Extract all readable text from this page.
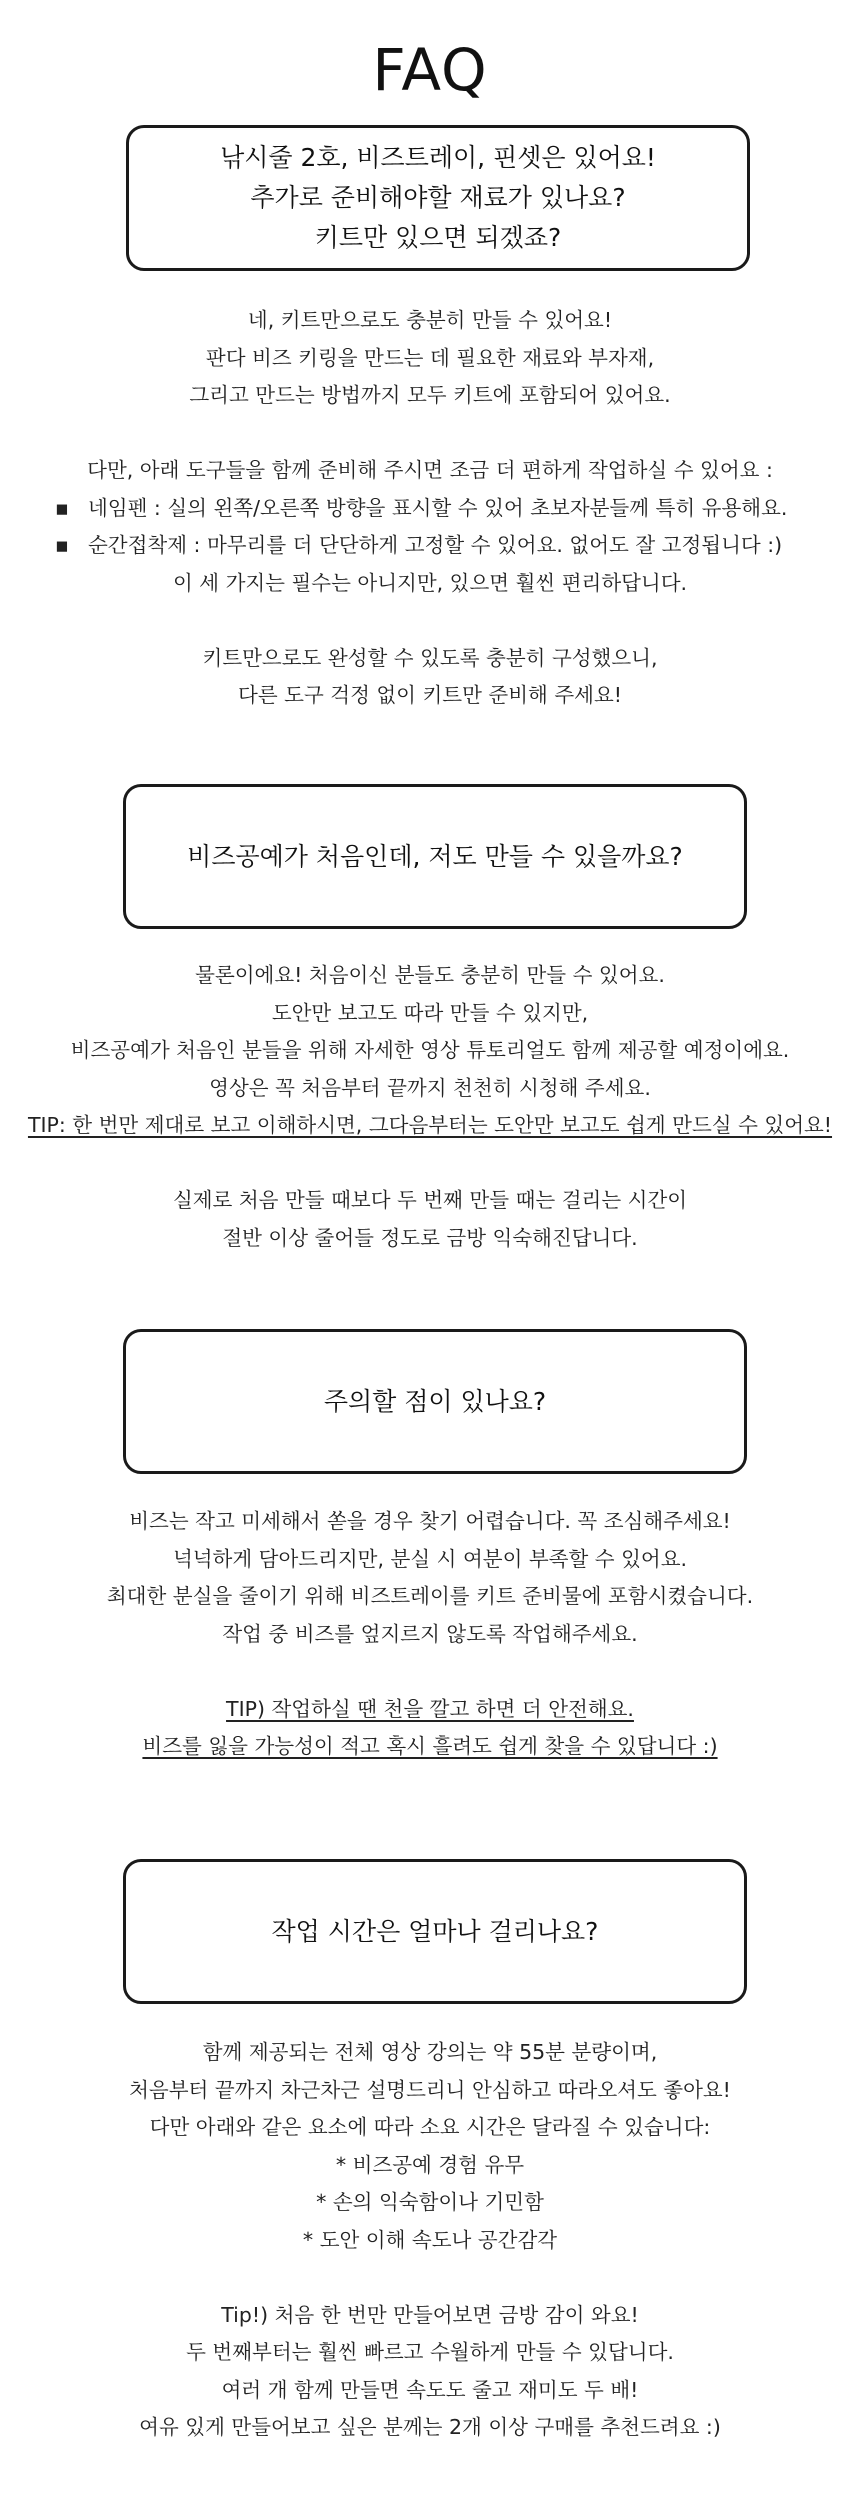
FAQ
낚시줄 2호, 비즈트레이, 핀셋은 있어요!
추가로 준비해야할 재료가 있나요?
키트만 있으면 되겠죠?
네, 키트만으로도 충분히 만들 수 있어요!
판다 비즈 키링을 만드는 데 필요한 재료와 부자재,
그리고 만드는 방법까지 모두 키트에 포함되어 있어요.
다만, 아래 도구들을 함께 준비해 주시면 조금 더 편하게 작업하실 수 있어요 :
▪ 네임펜 : 실의 왼쪽/오른쪽 방향을 표시할 수 있어 초보자분들께 특히 유용해요.
▪ 순간접착제 : 마무리를 더 단단하게 고정할 수 있어요. 없어도 잘 고정됩니다 :)
이 세 가지는 필수는 아니지만, 있으면 훨씬 편리하답니다.
키트만으로도 완성할 수 있도록 충분히 구성했으니,
다른 도구 걱정 없이 키트만 준비해 주세요!
비즈공예가 처음인데, 저도 만들 수 있을까요?
물론이에요! 처음이신 분들도 충분히 만들 수 있어요.
도안만 보고도 따라 만들 수 있지만,
비즈공예가 처음인 분들을 위해 자세한 영상 튜토리얼도 함께 제공할 예정이에요.
영상은 꼭 처음부터 끝까지 천천히 시청해 주세요.
TIP: 한 번만 제대로 보고 이해하시면, 그다음부터는 도안만 보고도 쉽게 만드실 수 있어요!
실제로 처음 만들 때보다 두 번째 만들 때는 걸리는 시간이
절반 이상 줄어들 정도로 금방 익숙해진답니다.
주의할 점이 있나요?
비즈는 작고 미세해서 쏟을 경우 찾기 어렵습니다. 꼭 조심해주세요!
넉넉하게 담아드리지만, 분실 시 여분이 부족할 수 있어요.
최대한 분실을 줄이기 위해 비즈트레이를 키트 준비물에 포함시켰습니다.
작업 중 비즈를 엎지르지 않도록 작업해주세요.
TIP) 작업하실 땐 천을 깔고 하면 더 안전해요.
비즈를 잃을 가능성이 적고 혹시 흘려도 쉽게 찾을 수 있답니다 :)
작업 시간은 얼마나 걸리나요?
함께 제공되는 전체 영상 강의는 약 55분 분량이며,
처음부터 끝까지 차근차근 설명드리니 안심하고 따라오셔도 좋아요!
다만 아래와 같은 요소에 따라 소요 시간은 달라질 수 있습니다:
* 비즈공예 경험 유무
* 손의 익숙함이나 기민함
* 도안 이해 속도나 공간감각
Tip!) 처음 한 번만 만들어보면 금방 감이 와요!
두 번째부터는 훨씬 빠르고 수월하게 만들 수 있답니다.
여러 개 함께 만들면 속도도 줄고 재미도 두 배!
여유 있게 만들어보고 싶은 분께는 2개 이상 구매를 추천드려요 :)
